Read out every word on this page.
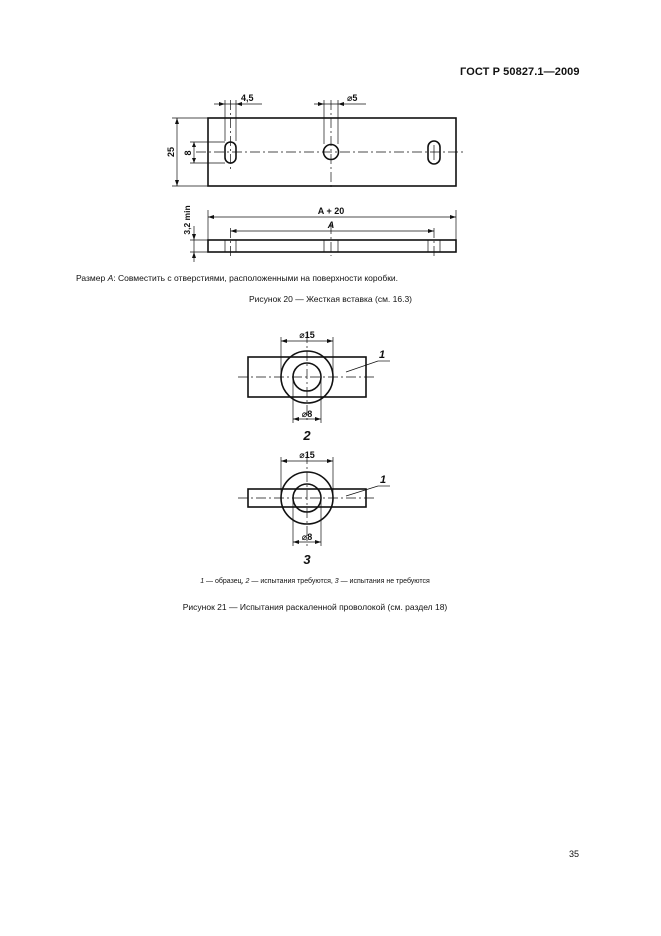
ГОСТ Р 50827.1—2009
4,5	⌀5
25 8
A + 20
A
3,2 min
⌀15
⌀8
1
2
⌀15
⌀8
1
3
Размер A: Совместить с отверстиями, расположенными на поверхности коробки.
Рисунок 20 — Жесткая вставка (см. 16.3)
1 — образец, 2 — испытания требуются, 3 — испытания не требуются
Рисунок 21 — Испытания раскаленной проволокой (см. раздел 18)
35
